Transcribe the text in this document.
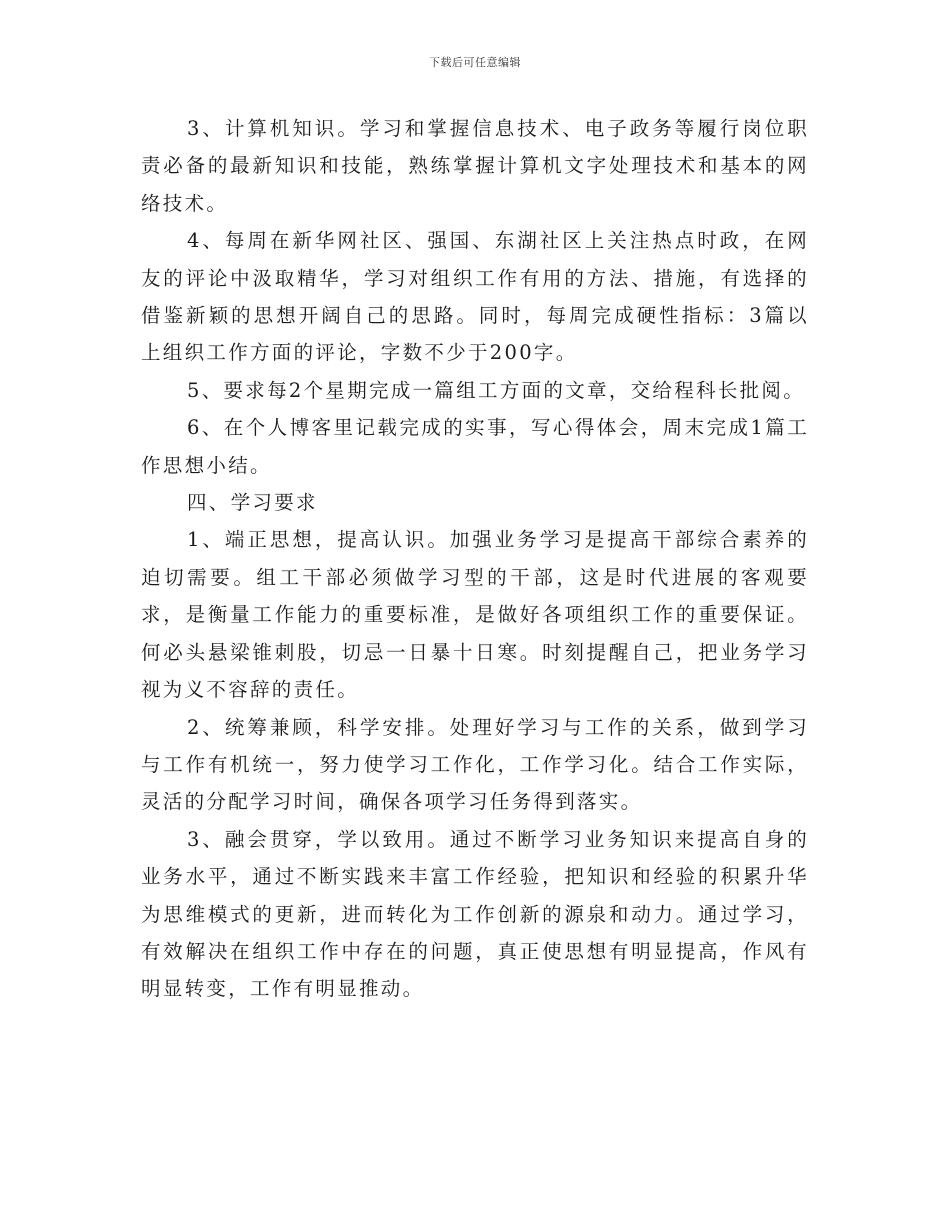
下载后可任意编辑

3、计算机知识。学习和掌握信息技术、电子政务等履行岗位职责必备的最新知识和技能，熟练掌握计算机文字处理技术和基本的网络技术。

4、每周在新华网社区、强国、东湖社区上关注热点时政，在网友的评论中汲取精华，学习对组织工作有用的方法、措施，有选择的借鉴新颖的思想开阔自己的思路。同时，每周完成硬性指标：3篇以上组织工作方面的评论，字数不少于200字。

5、要求每2个星期完成一篇组工方面的文章，交给程科长批阅。

6、在个人博客里记载完成的实事，写心得体会，周末完成1篇工作思想小结。

四、学习要求

1、端正思想，提高认识。加强业务学习是提高干部综合素养的迫切需要。组工干部必须做学习型的干部，这是时代进展的客观要求，是衡量工作能力的重要标准，是做好各项组织工作的重要保证。何必头悬梁锥刺股，切忌一日暴十日寒。时刻提醒自己，把业务学习视为义不容辞的责任。

2、统筹兼顾，科学安排。处理好学习与工作的关系，做到学习与工作有机统一，努力使学习工作化，工作学习化。结合工作实际，灵活的分配学习时间，确保各项学习任务得到落实。

3、融会贯穿，学以致用。通过不断学习业务知识来提高自身的业务水平，通过不断实践来丰富工作经验，把知识和经验的积累升华为思维模式的更新，进而转化为工作创新的源泉和动力。通过学习，有效解决在组织工作中存在的问题，真正使思想有明显提高，作风有明显转变，工作有明显推动。
